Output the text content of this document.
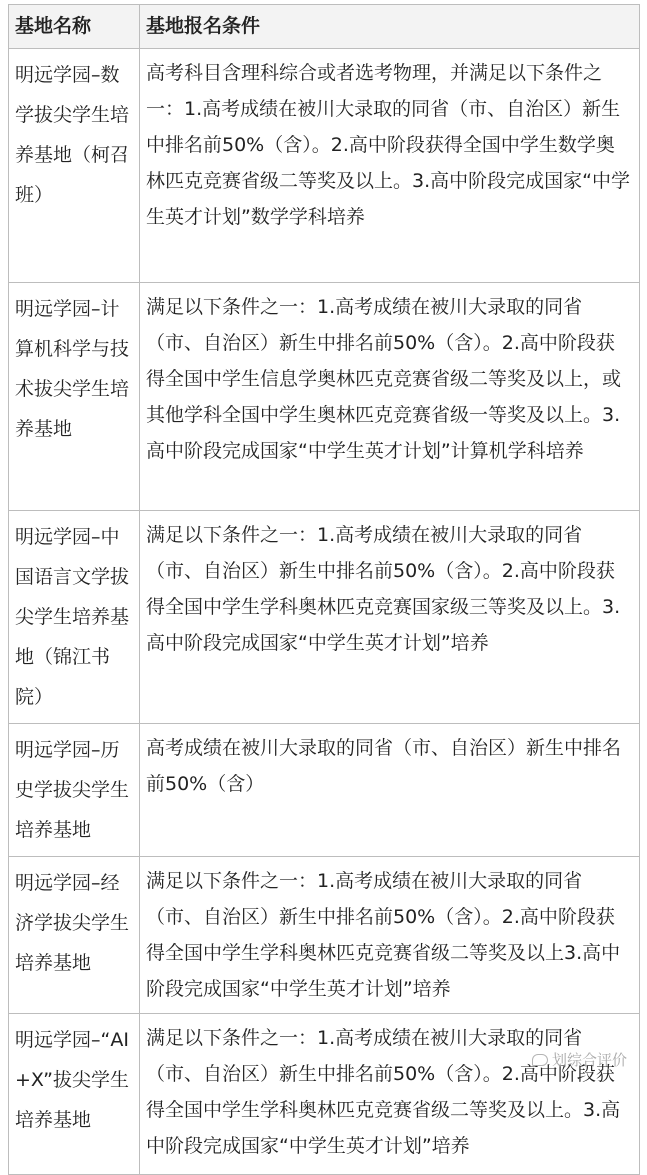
基地名称	基地报名条件
明远学园–数学拔尖学生培养基地（柯召班）	高考科目含理科综合或者选考物理，并满足以下条件之一：1.高考成绩在被川大录取的同省（市、自治区）新生中排名前50%（含）。2.高中阶段获得全国中学生数学奥林匹克竞赛省级二等奖及以上。3.高中阶段完成国家“中学生英才计划”数学学科培养
明远学园–计算机科学与技术拔尖学生培养基地	满足以下条件之一：1.高考成绩在被川大录取的同省（市、自治区）新生中排名前50%（含）。2.高中阶段获得全国中学生信息学奥林匹克竞赛省级二等奖及以上，或其他学科全国中学生奥林匹克竞赛省级一等奖及以上。3.高中阶段完成国家“中学生英才计划”计算机学科培养
明远学园–中国语言文学拔尖学生培养基地（锦江书院）	满足以下条件之一：1.高考成绩在被川大录取的同省（市、自治区）新生中排名前50%（含）。2.高中阶段获得全国中学生学科奥林匹克竞赛国家级三等奖及以上。3.高中阶段完成国家“中学生英才计划”培养
明远学园–历史学拔尖学生培养基地	高考成绩在被川大录取的同省（市、自治区）新生中排名前50%（含）
明远学园–经济学拔尖学生培养基地	满足以下条件之一：1.高考成绩在被川大录取的同省（市、自治区）新生中排名前50%（含）。2.高中阶段获得全国中学生学科奥林匹克竞赛省级二等奖及以上3.高中阶段完成国家“中学生英才计划”培养
明远学园–“AI+X”拔尖学生培养基地	满足以下条件之一：1.高考成绩在被川大录取的同省（市、自治区）新生中排名前50%（含）。2.高中阶段获得全国中学生学科奥林匹克竞赛省级二等奖及以上。3.高中阶段完成国家“中学生英才计划”培养
划综合评价
